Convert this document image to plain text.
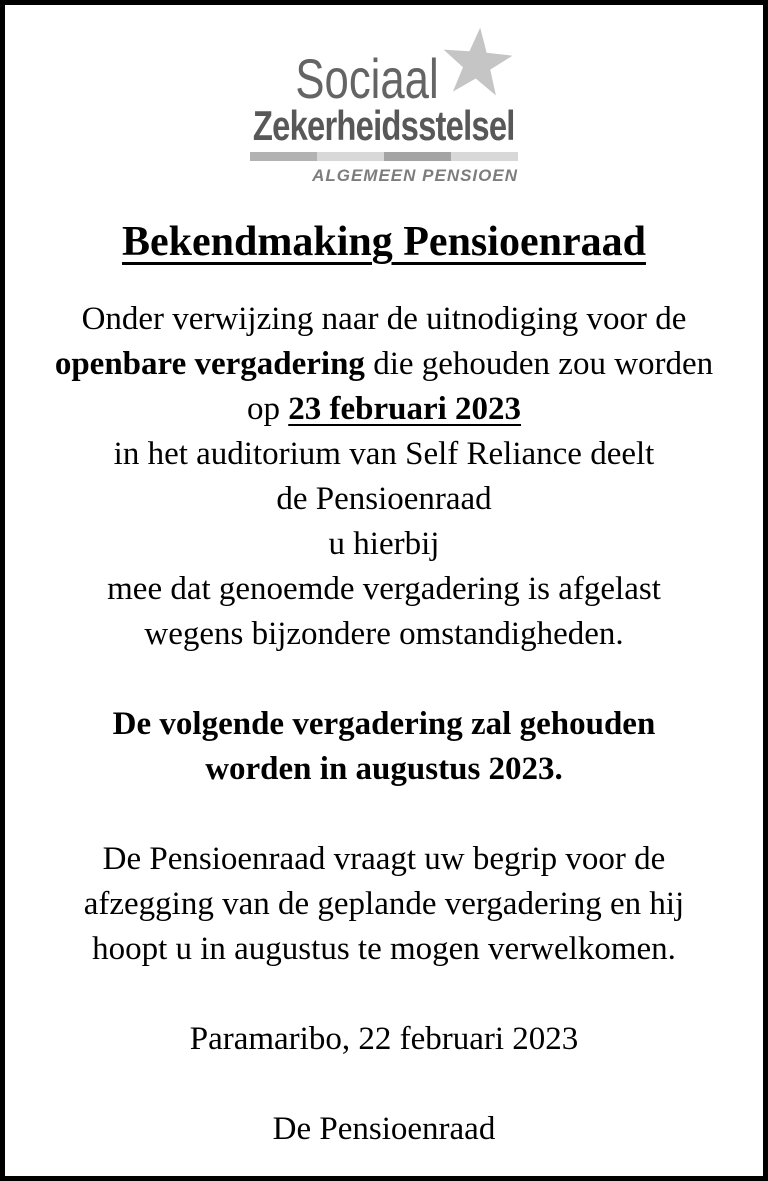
Sociaal
Zekerheidsstelsel
ALGEMEEN PENSIOEN
Bekendmaking Pensioenraad
Onder verwijzing naar de uitnodiging voor de
openbare vergadering die gehouden zou worden
op 23 februari 2023
in het auditorium van Self Reliance deelt
de Pensioenraad
u hierbij
mee dat genoemde vergadering is afgelast
wegens bijzondere omstandigheden.
De volgende vergadering zal gehouden
worden in augustus 2023.
De Pensioenraad vraagt uw begrip voor de
afzegging van de geplande vergadering en hij
hoopt u in augustus te mogen verwelkomen.
Paramaribo, 22 februari 2023
De Pensioenraad
